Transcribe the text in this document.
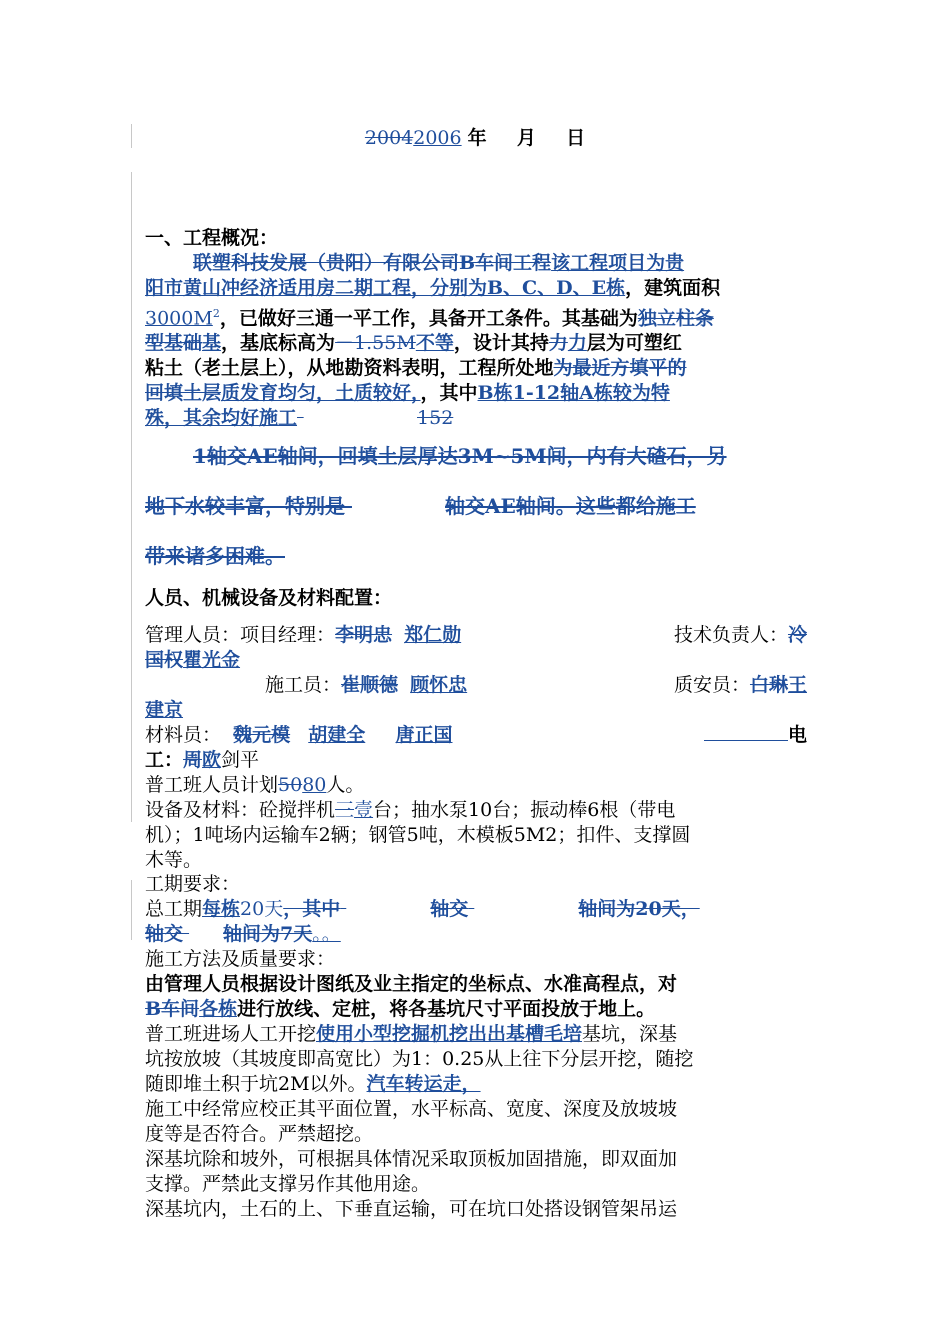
20042006 年 月 日

一、工程概况：

联塑科技发展（贵阳）有限公司B车间工程该工程项目为贵

阳市黄山冲经济适用房二期工程，分别为B、C、D、E栋，建筑面积

$3000M^2$，已做好三通一平工作，具备开工条件。其基础为独立柱条

型基础基，基底标高为－1.55M不等，设计其持力力层为可塑红

粘土（老土层上），从地勘资料表明，工程所处地为最近方填平的

回填土层质发育均匀，土质较好，，其中B栋1-12轴A栋较为特

殊，其余均好施工	152

1轴交AE轴间，回填土层厚达3M~5M间，内有大碴石，另

地下水较丰富，特别是	轴交AE轴间。这些都给施工

带来诸多困难。

人员、机械设备及材料配置：

管理人员：项目经理：李明忠 郑仁勋	技术负责人：冷

国权瞿光金

施工员：崔顺德 顾怀忠	质安员：白琳王

建京

材料员： 魏元模 胡建全 唐正国	电

工：周欧剑平

普工班人员计划5080人。

设备及材料：砼搅拌机三壹台；抽水泵10台；振动棒6根（带电

机）；1吨场内运输车2辆；钢管5吨，木模板5M2；扣件、支撑圆

木等。

工期要求：

总工期每栋20天，其中	轴交	轴间为20天，

轴交 轴间为7天。。

施工方法及质量要求：

由管理人员根据设计图纸及业主指定的坐标点、水准高程点，对

B车间各栋进行放线、定桩，将各基坑尺寸平面投放于地上。

普工班进场人工开挖使用小型挖掘机挖出出基槽毛培基坑，深基

坑按放坡（其坡度即高宽比）为1：0.25从上往下分层开挖，随挖

随即堆土积于坑2M以外。汽车转运走，

施工中经常应校正其平面位置，水平标高、宽度、深度及放坡坡

度等是否符合。严禁超挖。

深基坑除和坡外，可根据具体情况采取顶板加固措施，即双面加

支撑。严禁此支撑另作其他用途。

深基坑内，土石的上、下垂直运输，可在坑口处搭设钢管架吊运
